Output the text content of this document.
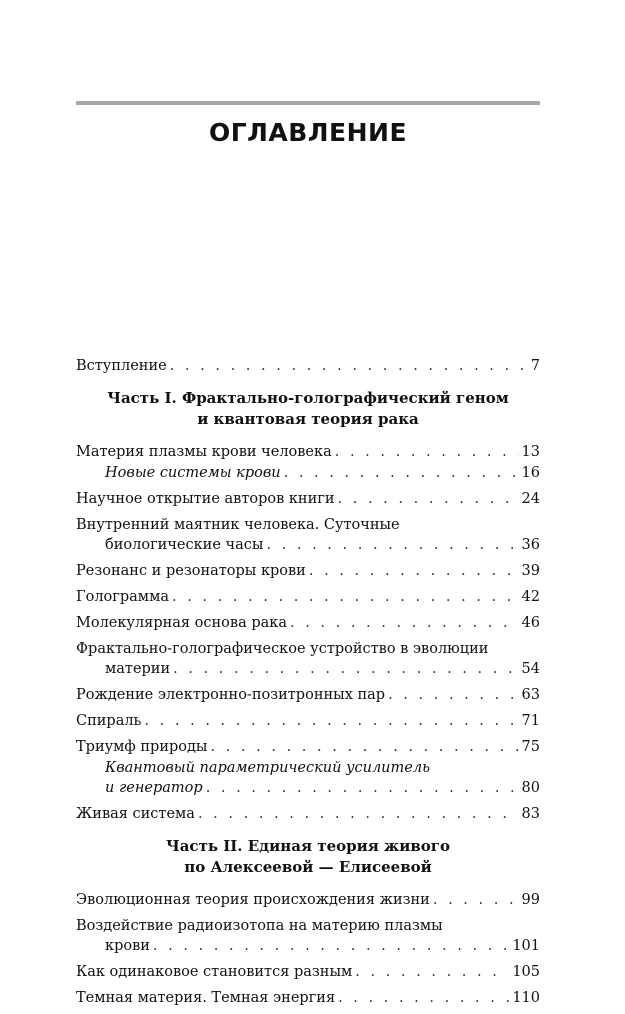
ОГЛАВЛЕНИЕ
Вступление . . .	7
Часть I. Фрактально-голографический геном
и квантовая теория рака
Материя плазмы крови человека . . .	13
Новые системы крови . . .	16
Научное открытие авторов книги . . .	24
Внутренний маятник человека. Суточные
биологические часы . . .	36
Резонанс и резонаторы крови . . .	39
Голограмма . . .	42
Молекулярная основа рака . . .	46
Фрактально-голографическое устройство в эволюции
материи . . .	54
Рождение электронно-позитронных пар . . .	63
Спираль . . .	71
Триумф природы . . .	75
Квантовый параметрический усилитель
и генератор . . .	80
Живая система . . .	83
Часть II. Единая теория живого
по Алексеевой — Елисеевой
Эволюционная теория происхождения жизни . . .	99
Воздействие радиоизотопа на материю плазмы
крови . . .	101
Как одинаковое становится разным . . .	105
Темная материя. Темная энергия . . .	110
